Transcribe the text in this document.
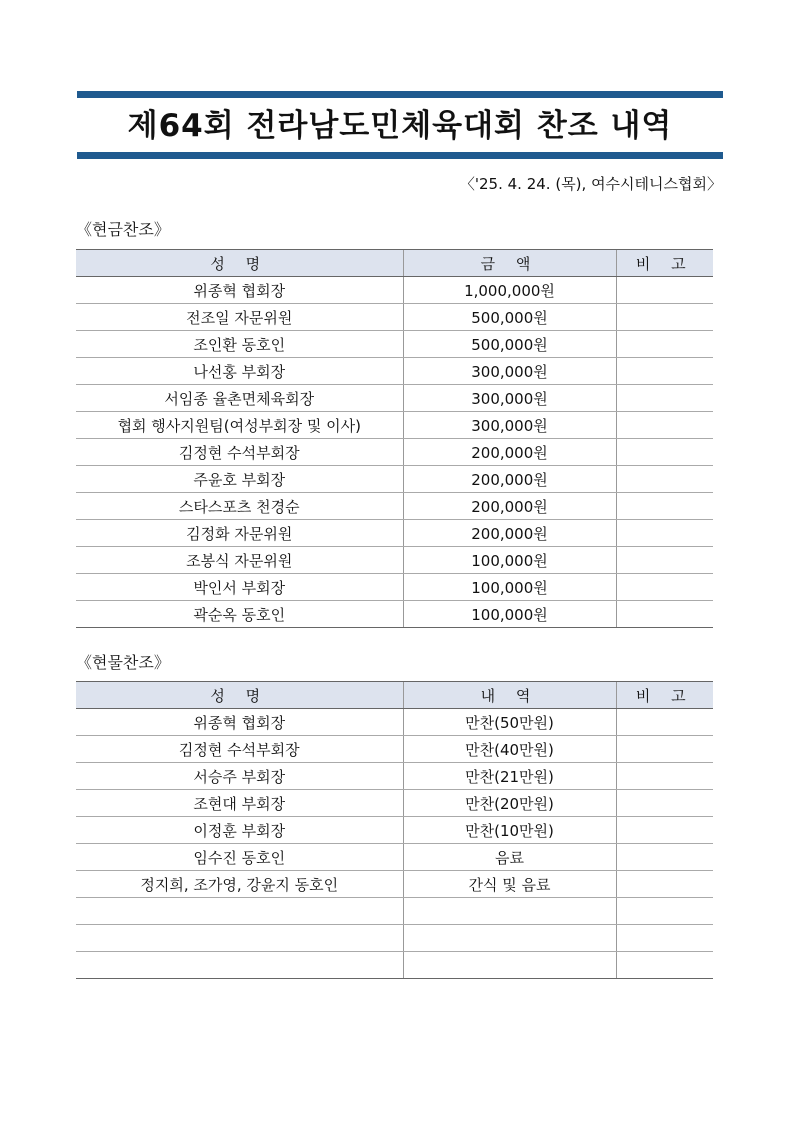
제64회 전라남도민체육대회 찬조 내역
〈'25. 4. 24. (목), 여수시테니스협회〉
《현금찬조》
성 명	금 액	비 고
위종혁 협회장	1,000,000원	
전조일 자문위원	500,000원	
조인환 동호인	500,000원	
나선홍 부회장	300,000원	
서임종 율촌면체육회장	300,000원	
협회 행사지원팀(여성부회장 및 이사)	300,000원	
김정현 수석부회장	200,000원	
주윤호 부회장	200,000원	
스타스포츠 천경순	200,000원	
김정화 자문위원	200,000원	
조봉식 자문위원	100,000원	
박인서 부회장	100,000원	
곽순옥 동호인	100,000원	
《현물찬조》
성 명	내 역	비 고
위종혁 협회장	만찬(50만원)	
김정현 수석부회장	만찬(40만원)	
서승주 부회장	만찬(21만원)	
조현대 부회장	만찬(20만원)	
이정훈 부회장	만찬(10만원)	
임수진 동호인	음료	
정지희, 조가영, 강윤지 동호인	간식 및 음료	
